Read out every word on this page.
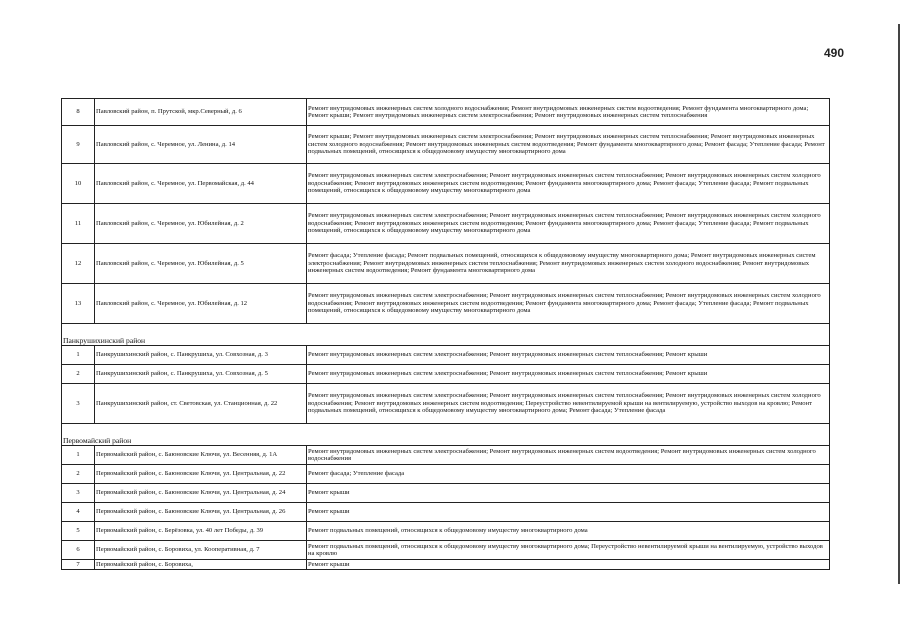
490
8	Павловский район, п. Прутской, мкр.Северный, д. 6	Ремонт внутридомовых инженерных систем холодного водоснабжения; Ремонт внутридомовых инженерных систем водоотведения; Ремонт фундамента многоквартирного дома; Ремонт крыши; Ремонт внутридомовых инженерных систем электроснабжения; Ремонт внутридомовых инженерных систем теплоснабжения
9	Павловский район, с. Черемное, ул. Ленина, д. 14	Ремонт крыши; Ремонт внутридомовых инженерных систем электроснабжения; Ремонт внутридомовых инженерных систем теплоснабжения; Ремонт внутридомовых инженерных систем холодного водоснабжения; Ремонт внутридомовых инженерных систем водоотведения; Ремонт фундамента многоквартирного дома; Ремонт фасада; Утепление фасада; Ремонт подвальных помещений, относящихся к общедомовому имуществу многоквартирного дома
10	Павловский район, с. Черемное, ул. Первомайская, д. 44	Ремонт внутридомовых инженерных систем электроснабжения; Ремонт внутридомовых инженерных систем теплоснабжения; Ремонт внутридомовых инженерных систем холодного водоснабжения; Ремонт внутридомовых инженерных систем водоотведения; Ремонт фундамента многоквартирного дома; Ремонт фасада; Утепление фасада; Ремонт подвальных помещений, относящихся к общедомовому имуществу многоквартирного дома
11	Павловский район, с. Черемное, ул. Юбилейная, д. 2	Ремонт внутридомовых инженерных систем электроснабжения; Ремонт внутридомовых инженерных систем теплоснабжения; Ремонт внутридомовых инженерных систем холодного водоснабжения; Ремонт внутридомовых инженерных систем водоотведения; Ремонт фундамента многоквартирного дома; Ремонт фасада; Утепление фасада; Ремонт подвальных помещений, относящихся к общедомовому имуществу многоквартирного дома
12	Павловский район, с. Черемное, ул. Юбилейная, д. 5	Ремонт фасада; Утепление фасада; Ремонт подвальных помещений, относящихся к общедомовому имуществу многоквартирного дома; Ремонт внутридомовых инженерных систем электроснабжения; Ремонт внутридомовых инженерных систем теплоснабжения; Ремонт внутридомовых инженерных систем холодного водоснабжения; Ремонт внутридомовых инженерных систем водоотведения; Ремонт фундамента многоквартирного дома
13	Павловский район, с. Черемное, ул. Юбилейная, д. 12	Ремонт внутридомовых инженерных систем электроснабжения; Ремонт внутридомовых инженерных систем теплоснабжения; Ремонт внутридомовых инженерных систем холодного водоснабжения; Ремонт внутридомовых инженерных систем водоотведения; Ремонт фундамента многоквартирного дома; Ремонт фасада; Утепление фасада; Ремонт подвальных помещений, относящихся к общедомовому имуществу многоквартирного дома
Панкрушихинский район		
1	Панкрушихинский район, с. Панкрушиха, ул. Совхозная, д. 3	Ремонт внутридомовых инженерных систем электроснабжения; Ремонт внутридомовых инженерных систем теплоснабжения; Ремонт крыши
2	Панкрушихинский район, с. Панкрушиха, ул. Совхозная, д. 5	Ремонт внутридомовых инженерных систем электроснабжения; Ремонт внутридомовых инженерных систем теплоснабжения; Ремонт крыши
3	Панкрушихинский район, ст. Световская, ул. Станционная, д. 22	Ремонт внутридомовых инженерных систем электроснабжения; Ремонт внутридомовых инженерных систем теплоснабжения; Ремонт внутридомовых инженерных систем холодного водоснабжения; Ремонт внутридомовых инженерных систем водоотведения; Переустройство невентилируемой крыши на вентилируемую, устройство выходов на кровлю; Ремонт подвальных помещений, относящихся к общедомовому имуществу многоквартирного дома; Ремонт фасада; Утепление фасада
Первомайский район		
1	Первомайский район, с. Баюновские Ключи, ул. Весенняя, д. 1А	Ремонт внутридомовых инженерных систем электроснабжения; Ремонт внутридомовых инженерных систем водоотведения; Ремонт внутридомовых инженерных систем холодного водоснабжения
2	Первомайский район, с. Баюновские Ключи, ул. Центральная, д. 22	Ремонт фасада; Утепление фасада
3	Первомайский район, с. Баюновские Ключи, ул. Центральная, д. 24	Ремонт крыши
4	Первомайский район, с. Баюновские Ключи, ул. Центральная, д. 26	Ремонт крыши
5	Первомайский район, с. Берёзовка, ул. 40 лет Победы, д. 39	Ремонт подвальных помещений, относящихся к общедомовому имуществу многоквартирного дома
6	Первомайский район, с. Боровиха, ул. Кооперативная, д. 7	Ремонт подвальных помещений, относящихся к общедомовому имуществу многоквартирного дома; Переустройство невентилируемой крыши на вентилируемую, устройство выходов на кровлю
7	Первомайский район, с. Боровиха,	Ремонт крыши
